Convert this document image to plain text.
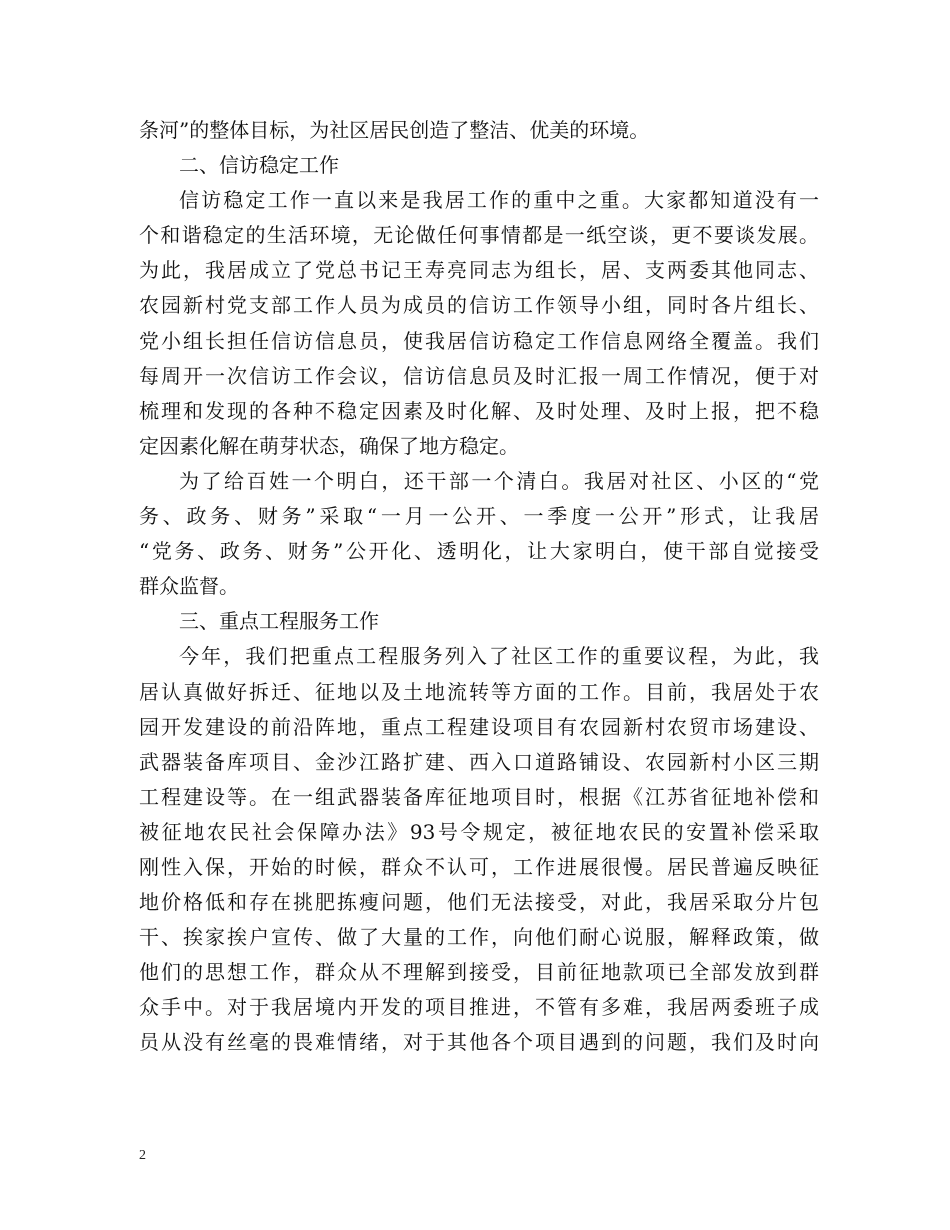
条河”的整体目标，为社区居民创造了整洁、优美的环境。
二、信访稳定工作
信访稳定工作一直以来是我居工作的重中之重。大家都知道没有一
个和谐稳定的生活环境，无论做任何事情都是一纸空谈，更不要谈发展。
为此，我居成立了党总书记王寿亮同志为组长，居、支两委其他同志、
农园新村党支部工作人员为成员的信访工作领导小组，同时各片组长、
党小组长担任信访信息员，使我居信访稳定工作信息网络全覆盖。我们
每周开一次信访工作会议，信访信息员及时汇报一周工作情况，便于对
梳理和发现的各种不稳定因素及时化解、及时处理、及时上报，把不稳
定因素化解在萌芽状态，确保了地方稳定。
为了给百姓一个明白，还干部一个清白。我居对社区、小区的“党
务、政务、财务”采取“一月一公开、一季度一公开”形式，让我居
“党务、政务、财务”公开化、透明化，让大家明白，使干部自觉接受
群众监督。
三、重点工程服务工作
今年，我们把重点工程服务列入了社区工作的重要议程，为此，我
居认真做好拆迁、征地以及土地流转等方面的工作。目前，我居处于农
园开发建设的前沿阵地，重点工程建设项目有农园新村农贸市场建设、
武器装备库项目、金沙江路扩建、西入口道路铺设、农园新村小区三期
工程建设等。在一组武器装备库征地项目时，根据《江苏省征地补偿和
被征地农民社会保障办法》93号令规定，被征地农民的安置补偿采取
刚性入保，开始的时候，群众不认可，工作进展很慢。居民普遍反映征
地价格低和存在挑肥拣瘦问题，他们无法接受，对此，我居采取分片包
干、挨家挨户宣传、做了大量的工作，向他们耐心说服，解释政策，做
他们的思想工作，群众从不理解到接受，目前征地款项已全部发放到群
众手中。对于我居境内开发的项目推进，不管有多难，我居两委班子成
员从没有丝毫的畏难情绪，对于其他各个项目遇到的问题，我们及时向
2
